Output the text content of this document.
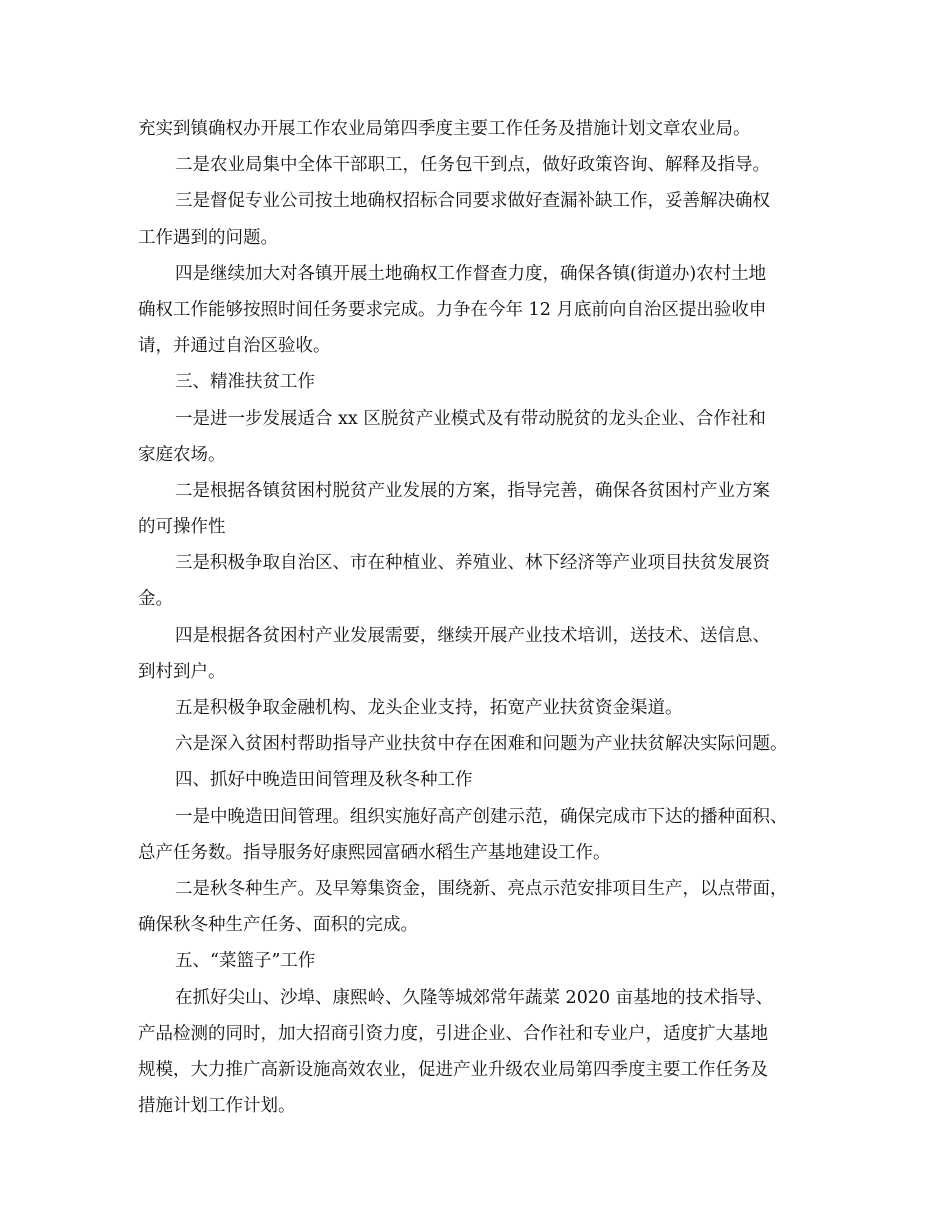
充实到镇确权办开展工作农业局第四季度主要工作任务及措施计划文章农业局。
二是农业局集中全体干部职工，任务包干到点，做好政策咨询、解释及指导。
三是督促专业公司按土地确权招标合同要求做好查漏补缺工作，妥善解决确权
工作遇到的问题。
四是继续加大对各镇开展土地确权工作督查力度，确保各镇(街道办)农村土地
确权工作能够按照时间任务要求完成。力争在今年 12 月底前向自治区提出验收申
请，并通过自治区验收。
三、精准扶贫工作
一是进一步发展适合 xx 区脱贫产业模式及有带动脱贫的龙头企业、合作社和
家庭农场。
二是根据各镇贫困村脱贫产业发展的方案，指导完善，确保各贫困村产业方案
的可操作性
三是积极争取自治区、市在种植业、养殖业、林下经济等产业项目扶贫发展资
金。
四是根据各贫困村产业发展需要，继续开展产业技术培训，送技术、送信息、
到村到户。
五是积极争取金融机构、龙头企业支持，拓宽产业扶贫资金渠道。
六是深入贫困村帮助指导产业扶贫中存在困难和问题为产业扶贫解决实际问题。
四、抓好中晚造田间管理及秋冬种工作
一是中晚造田间管理。组织实施好高产创建示范，确保完成市下达的播种面积、
总产任务数。指导服务好康熙园富硒水稻生产基地建设工作。
二是秋冬种生产。及早筹集资金，围绕新、亮点示范安排项目生产，以点带面，
确保秋冬种生产任务、面积的完成。
五、“菜篮子”工作
在抓好尖山、沙埠、康熙岭、久隆等城郊常年蔬菜 2020 亩基地的技术指导、
产品检测的同时，加大招商引资力度，引进企业、合作社和专业户，适度扩大基地
规模，大力推广高新设施高效农业，促进产业升级农业局第四季度主要工作任务及
措施计划工作计划。
